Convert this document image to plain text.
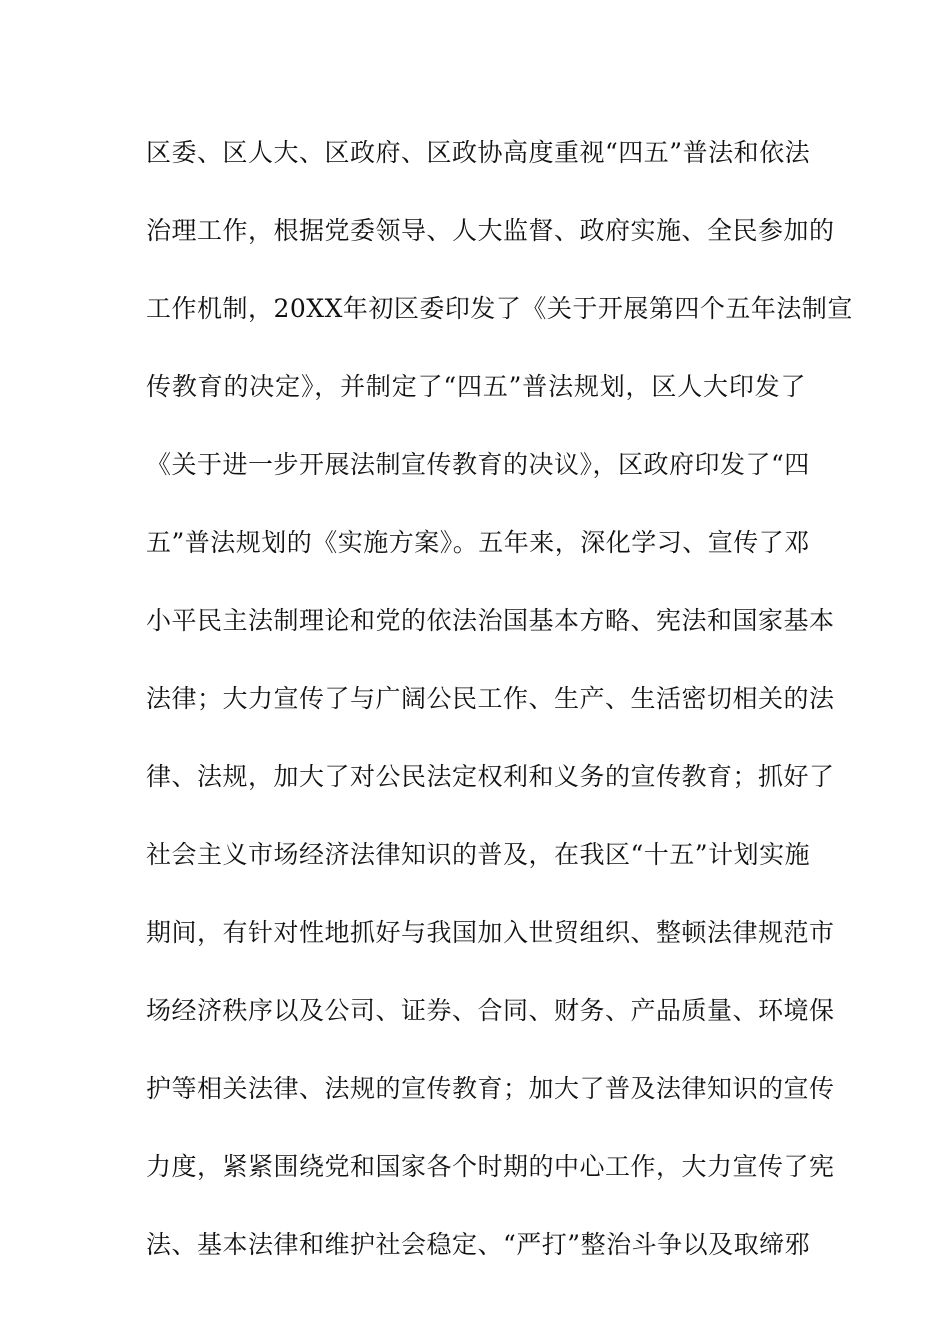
区委、区人大、区政府、区政协高度重视“四五”普法和依法
治理工作，根据党委领导、人大监督、政府实施、全民参加的
工作机制，20XX年初区委印发了《关于开展第四个五年法制宣
传教育的决定》，并制定了“四五”普法规划，区人大印发了
《关于进一步开展法制宣传教育的决议》，区政府印发了“四
五”普法规划的《实施方案》。五年来，深化学习、宣传了邓
小平民主法制理论和党的依法治国基本方略、宪法和国家基本
法律；大力宣传了与广阔公民工作、生产、生活密切相关的法
律、法规，加大了对公民法定权利和义务的宣传教育；抓好了
社会主义市场经济法律知识的普及，在我区“十五”计划实施
期间，有针对性地抓好与我国加入世贸组织、整顿法律规范市
场经济秩序以及公司、证券、合同、财务、产品质量、环境保
护等相关法律、法规的宣传教育；加大了普及法律知识的宣传
力度，紧紧围绕党和国家各个时期的中心工作，大力宣传了宪
法、基本法律和维护社会稳定、“严打”整治斗争以及取缔邪
